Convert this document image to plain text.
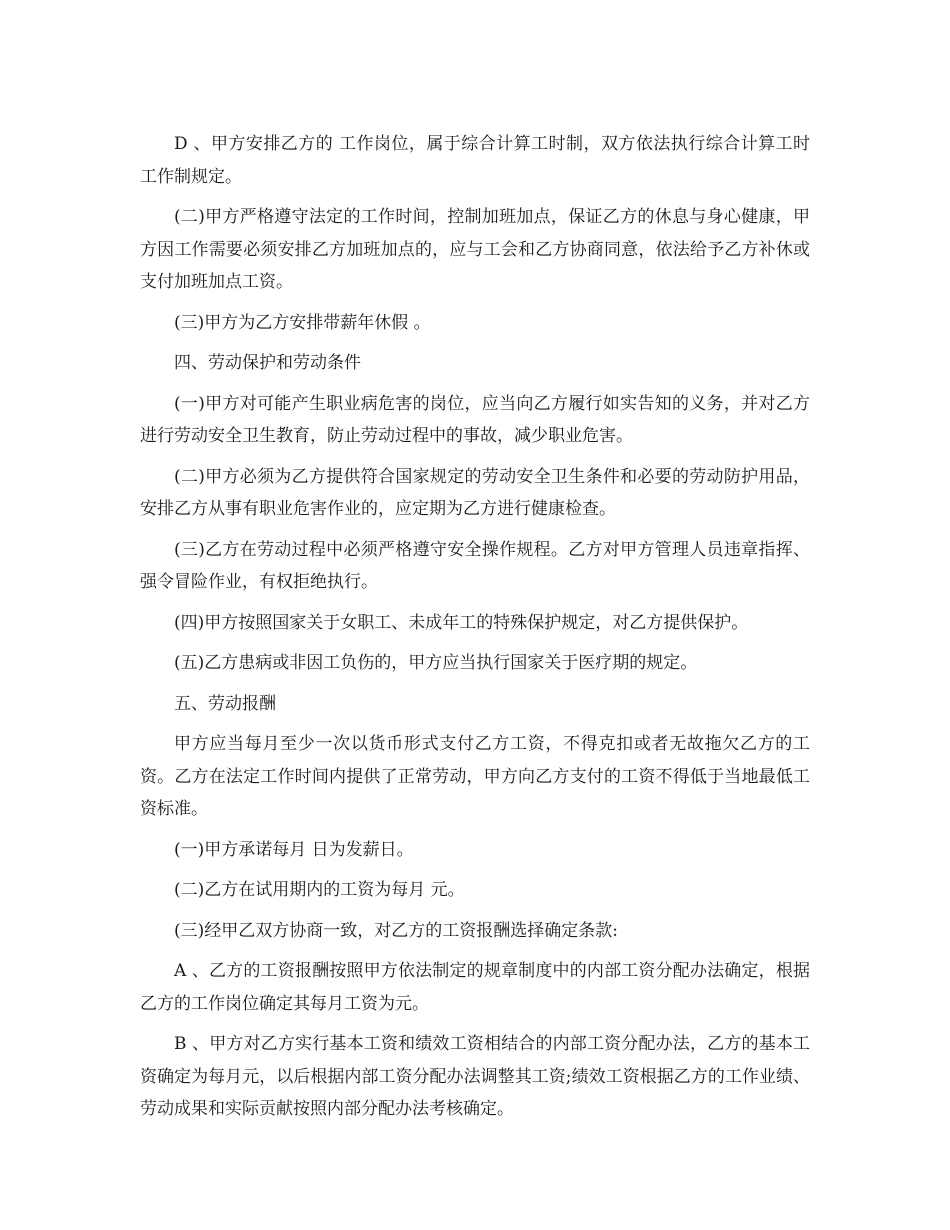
D 、甲方安排乙方的 工作岗位，属于综合计算工时制，双方依法执行综合计算工时工作制规定。

(二)甲方严格遵守法定的工作时间，控制加班加点，保证乙方的休息与身心健康，甲方因工作需要必须安排乙方加班加点的，应与工会和乙方协商同意，依法给予乙方补休或支付加班加点工资。

(三)甲方为乙方安排带薪年休假 。

四、劳动保护和劳动条件

(一)甲方对可能产生职业病危害的岗位，应当向乙方履行如实告知的义务，并对乙方进行劳动安全卫生教育，防止劳动过程中的事故，减少职业危害。

(二)甲方必须为乙方提供符合国家规定的劳动安全卫生条件和必要的劳动防护用品，安排乙方从事有职业危害作业的，应定期为乙方进行健康检查。

(三)乙方在劳动过程中必须严格遵守安全操作规程。乙方对甲方管理人员违章指挥、强令冒险作业，有权拒绝执行。

(四)甲方按照国家关于女职工、未成年工的特殊保护规定，对乙方提供保护。

(五)乙方患病或非因工负伤的，甲方应当执行国家关于医疗期的规定。

五、劳动报酬

甲方应当每月至少一次以货币形式支付乙方工资，不得克扣或者无故拖欠乙方的工资。乙方在法定工作时间内提供了正常劳动，甲方向乙方支付的工资不得低于当地最低工资标准。

(一)甲方承诺每月 日为发薪日。

(二)乙方在试用期内的工资为每月 元。

(三)经甲乙双方协商一致，对乙方的工资报酬选择确定条款:

A 、乙方的工资报酬按照甲方依法制定的规章制度中的内部工资分配办法确定，根据乙方的工作岗位确定其每月工资为元。

B 、甲方对乙方实行基本工资和绩效工资相结合的内部工资分配办法，乙方的基本工资确定为每月元，以后根据内部工资分配办法调整其工资;绩效工资根据乙方的工作业绩、劳动成果和实际贡献按照内部分配办法考核确定。
